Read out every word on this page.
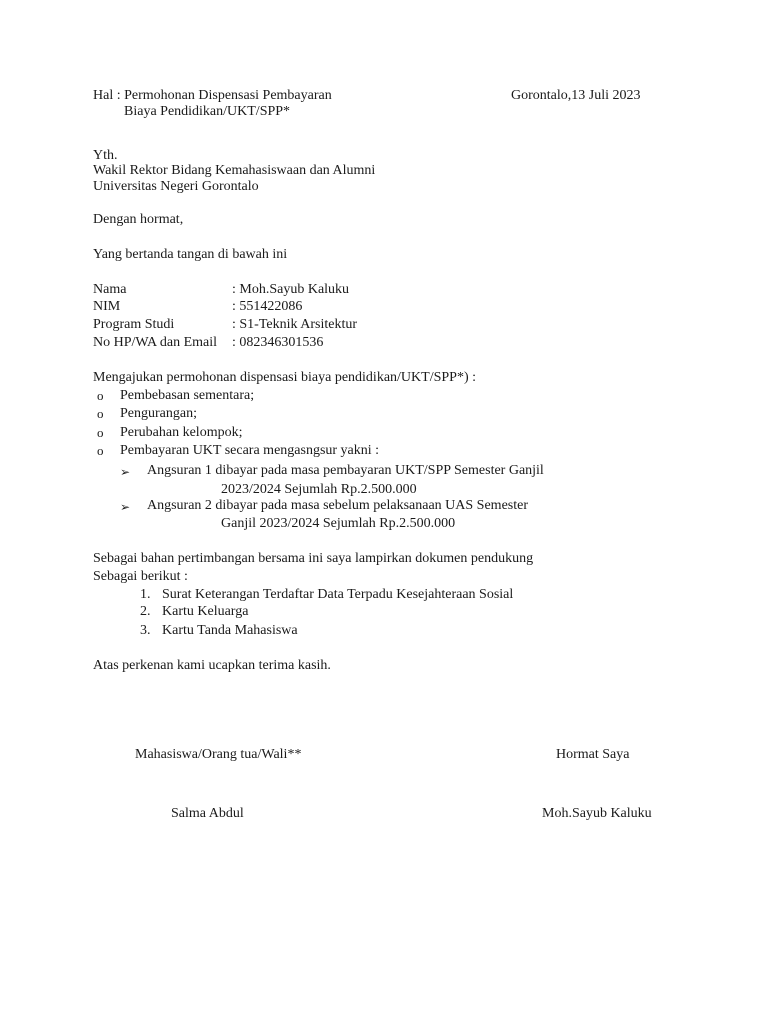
Hal : Permohonan Dispensasi Pembayaran
Biaya Pendidikan/UKT/SPP*
Gorontalo,13 Juli 2023
Yth.
Wakil Rektor Bidang Kemahasiswaan dan Alumni
Universitas Negeri Gorontalo
Dengan hormat,
Yang bertanda tangan di bawah ini
Nama	: Moh.Sayub Kaluku
NIM	: 551422086
Program Studi	: S1-Teknik Arsitektur
No HP/WA dan Email : 082346301536
Mengajukan permohonan dispensasi biaya pendidikan/UKT/SPP*) :
o Pembebasan sementara;
o Pengurangan;
o Perubahan kelompok;
o Pembayaran UKT secara mengasngsur yakni :
➢ Angsuran 1 dibayar pada masa pembayaran UKT/SPP Semester Ganjil
2023/2024 Sejumlah Rp.2.500.000
➢ Angsuran 2 dibayar pada masa sebelum pelaksanaan UAS Semester
Ganjil 2023/2024 Sejumlah Rp.2.500.000
Sebagai bahan pertimbangan bersama ini saya lampirkan dokumen pendukung
Sebagai berikut :
1. Surat Keterangan Terdaftar Data Terpadu Kesejahteraan Sosial
2. Kartu Keluarga
3. Kartu Tanda Mahasiswa
Atas perkenan kami ucapkan terima kasih.
Mahasiswa/Orang tua/Wali**	Hormat Saya
Salma Abdul	Moh.Sayub Kaluku
